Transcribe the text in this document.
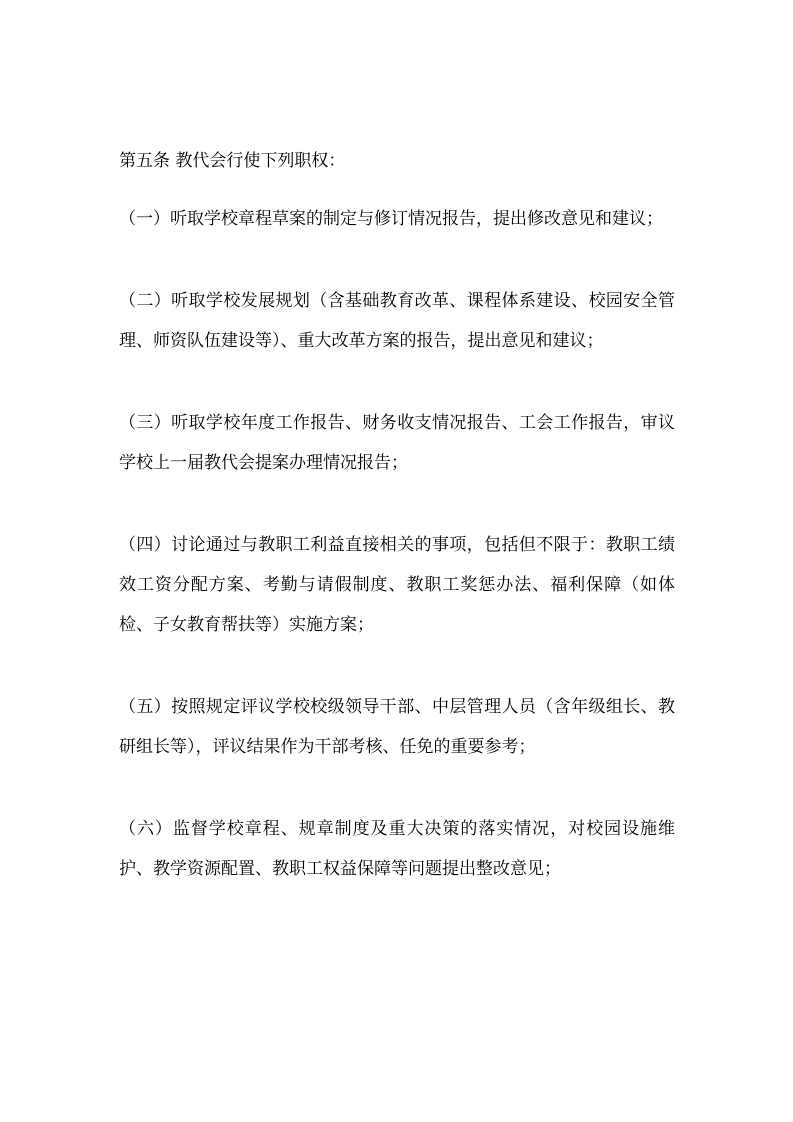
第五条 教代会行使下列职权：

（一）听取学校章程草案的制定与修订情况报告，提出修改意见和建议；

（二）听取学校发展规划（含基础教育改革、课程体系建设、校园安全管理、师资队伍建设等）、重大改革方案的报告，提出意见和建议；

（三）听取学校年度工作报告、财务收支情况报告、工会工作报告，审议学校上一届教代会提案办理情况报告；

（四）讨论通过与教职工利益直接相关的事项，包括但不限于：教职工绩效工资分配方案、考勤与请假制度、教职工奖惩办法、福利保障（如体检、子女教育帮扶等）实施方案；

（五）按照规定评议学校校级领导干部、中层管理人员（含年级组长、教研组长等），评议结果作为干部考核、任免的重要参考；

（六）监督学校章程、规章制度及重大决策的落实情况，对校园设施维护、教学资源配置、教职工权益保障等问题提出整改意见；
